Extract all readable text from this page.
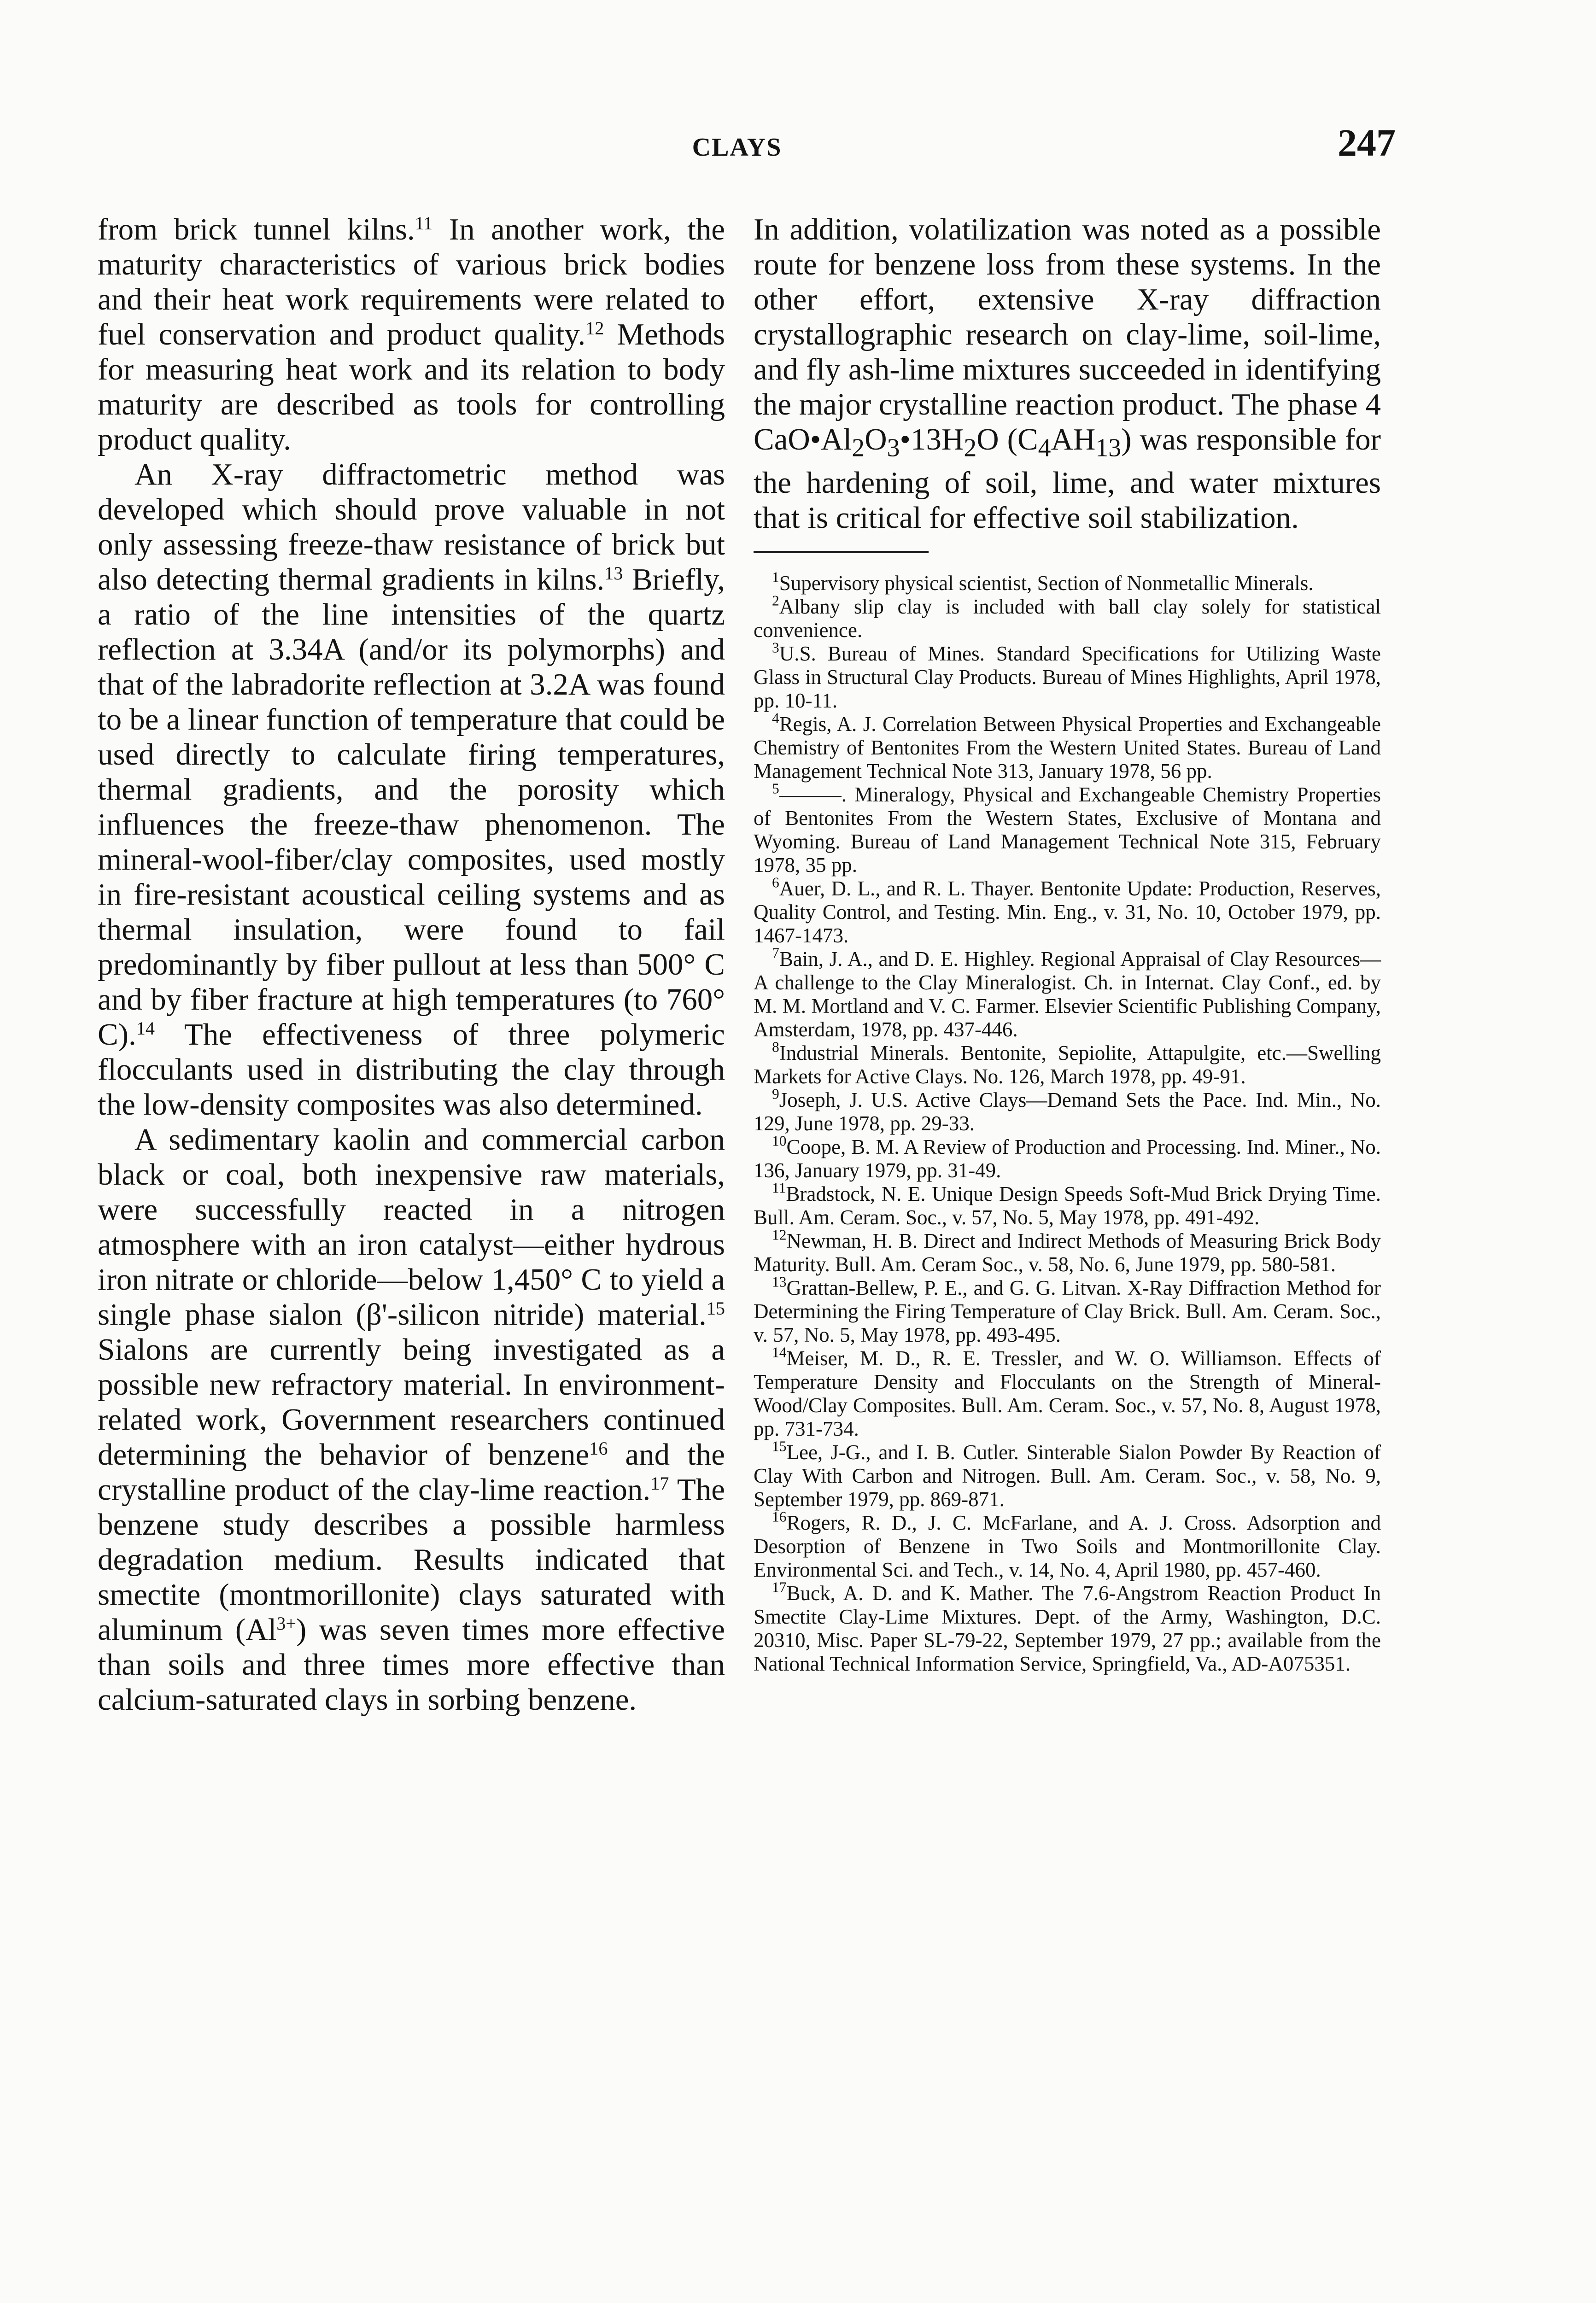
CLAYS	247

from brick tunnel kilns.$^{11}$ In another work, the maturity characteristics of various brick bodies and their heat work requirements were related to fuel conservation and product quality.$^{12}$ Methods for measuring heat work and its relation to body maturity are described as tools for controlling product quality.

An X-ray diffractometric method was developed which should prove valuable in not only assessing freeze-thaw resistance of brick but also detecting thermal gradients in kilns.$^{13}$ Briefly, a ratio of the line intensities of the quartz reflection at 3.34A (and/or its polymorphs) and that of the labradorite reflection at 3.2A was found to be a linear function of temperature that could be used directly to calculate firing temperatures, thermal gradients, and the porosity which influences the freeze-thaw phenomenon. The mineral-wool-fiber/clay composites, used mostly in fire-resistant acoustical ceiling systems and as thermal insulation, were found to fail predominantly by fiber pullout at less than 500° C and by fiber fracture at high temperatures (to 760° C).$^{14}$ The effectiveness of three polymeric flocculants used in distributing the clay through the low-density composites was also determined.

A sedimentary kaolin and commercial carbon black or coal, both inexpensive raw materials, were successfully reacted in a nitrogen atmosphere with an iron catalyst—either hydrous iron nitrate or chloride—below 1,450° C to yield a single phase sialon (β'-silicon nitride) material.$^{15}$ Sialons are currently being investigated as a possible new refractory material. In environment-related work, Government researchers continued determining the behavior of benzene$^{16}$ and the crystalline product of the clay-lime reaction.$^{17}$ The benzene study describes a possible harmless degradation medium. Results indicated that smectite (montmorillonite) clays saturated with aluminum $(Al^{3+})$ was seven times more effective than soils and three times more effective than calcium-saturated clays in sorbing benzene.

In addition, volatilization was noted as a possible route for benzene loss from these systems. In the other effort, extensive X-ray diffraction crystallographic research on clay-lime, soil-lime, and fly ash-lime mixtures succeeded in identifying the major crystalline reaction product. The phase 4 $CaO•Al_2O_3•13H_2O$ $(C_4AH_{13})$ was responsible for the hardening of soil, lime, and water mixtures that is critical for effective soil stabilization.

$^1$Supervisory physical scientist, Section of Nonmetallic Minerals.

$^2$Albany slip clay is included with ball clay solely for statistical convenience.

$^3$U.S. Bureau of Mines. Standard Specifications for Utilizing Waste Glass in Structural Clay Products. Bureau of Mines Highlights, April 1978, pp. 10-11.

$^4$Regis, A. J. Correlation Between Physical Properties and Exchangeable Chemistry of Bentonites From the Western United States. Bureau of Land Management Technical Note 313, January 1978, 56 pp.

$^5$———. Mineralogy, Physical and Exchangeable Chemistry Properties of Bentonites From the Western States, Exclusive of Montana and Wyoming. Bureau of Land Management Technical Note 315, February 1978, 35 pp.

$^6$Auer, D. L., and R. L. Thayer. Bentonite Update: Production, Reserves, Quality Control, and Testing. Min. Eng., v. 31, No. 10, October 1979, pp. 1467-1473.

$^7$Bain, J. A., and D. E. Highley. Regional Appraisal of Clay Resources—A challenge to the Clay Mineralogist. Ch. in Internat. Clay Conf., ed. by M. M. Mortland and V. C. Farmer. Elsevier Scientific Publishing Company, Amsterdam, 1978, pp. 437-446.

$^8$Industrial Minerals. Bentonite, Sepiolite, Attapulgite, etc.—Swelling Markets for Active Clays. No. 126, March 1978, pp. 49-91.

$^9$Joseph, J. U.S. Active Clays—Demand Sets the Pace. Ind. Min., No. 129, June 1978, pp. 29-33.

$^{10}$Coope, B. M. A Review of Production and Processing. Ind. Miner., No. 136, January 1979, pp. 31-49.

$^{11}$Bradstock, N. E. Unique Design Speeds Soft-Mud Brick Drying Time. Bull. Am. Ceram. Soc., v. 57, No. 5, May 1978, pp. 491-492.

$^{12}$Newman, H. B. Direct and Indirect Methods of Measuring Brick Body Maturity. Bull. Am. Ceram Soc., v. 58, No. 6, June 1979, pp. 580-581.

$^{13}$Grattan-Bellew, P. E., and G. G. Litvan. X-Ray Diffraction Method for Determining the Firing Temperature of Clay Brick. Bull. Am. Ceram. Soc., v. 57, No. 5, May 1978, pp. 493-495.

$^{14}$Meiser, M. D., R. E. Tressler, and W. O. Williamson. Effects of Temperature Density and Flocculants on the Strength of Mineral-Wood/Clay Composites. Bull. Am. Ceram. Soc., v. 57, No. 8, August 1978, pp. 731-734.

$^{15}$Lee, J-G., and I. B. Cutler. Sinterable Sialon Powder By Reaction of Clay With Carbon and Nitrogen. Bull. Am. Ceram. Soc., v. 58, No. 9, September 1979, pp. 869-871.

$^{16}$Rogers, R. D., J. C. McFarlane, and A. J. Cross. Adsorption and Desorption of Benzene in Two Soils and Montmorillonite Clay. Environmental Sci. and Tech., v. 14, No. 4, April 1980, pp. 457-460.

$^{17}$Buck, A. D. and K. Mather. The 7.6-Angstrom Reaction Product In Smectite Clay-Lime Mixtures. Dept. of the Army, Washington, D.C. 20310, Misc. Paper SL-79-22, September 1979, 27 pp.; available from the National Technical Information Service, Springfield, Va., AD-A075351.
